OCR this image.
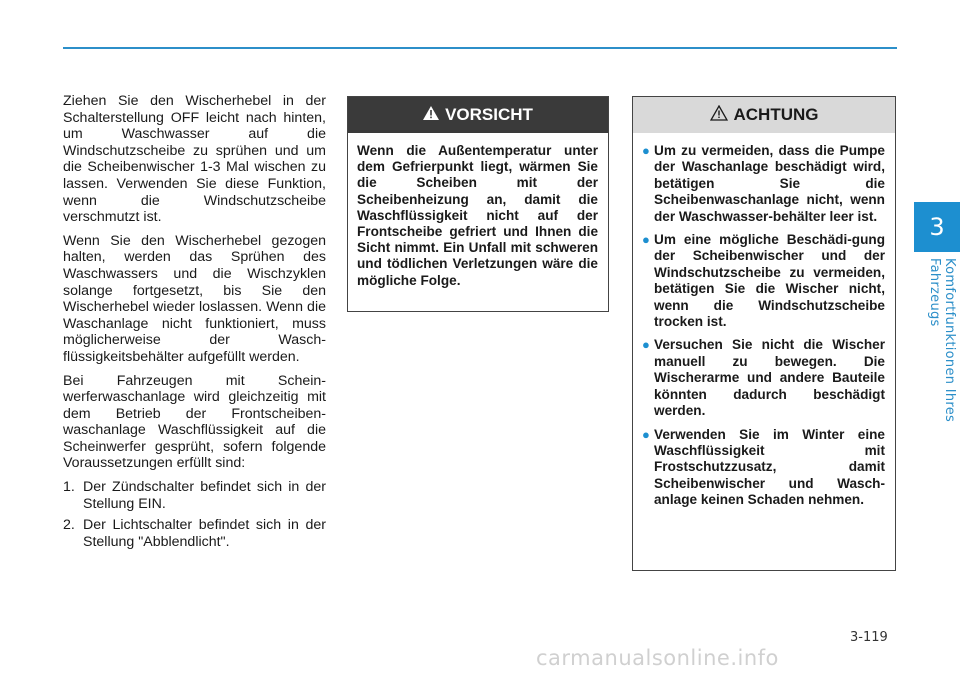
3
Komfortfunktionen Ihres Fahrzeugs

Ziehen Sie den Wischerhebel in der Schalterstellung OFF leicht nach hinten, um Waschwasser auf die Windschutzscheibe zu sprühen und um die Scheibenwischer 1-3 Mal wischen zu lassen. Verwenden Sie diese Funktion, wenn die Windschutzscheibe verschmutzt ist.

Wenn Sie den Wischerhebel gezogen halten, werden das Sprühen des Waschwassers und die Wischzyklen solange fortgesetzt, bis Sie den Wischerhebel wieder loslassen. Wenn die Waschanlage nicht funktioniert, muss möglicherweise der Wasch-flüssigkeitsbehälter aufgefüllt werden.

Bei Fahrzeugen mit Schein-werferwaschanlage wird gleichzeitig mit dem Betrieb der Frontscheiben-waschanlage Waschflüssigkeit auf die Scheinwerfer gesprüht, sofern folgende Voraussetzungen erfüllt sind:

1. Der Zündschalter befindet sich in der Stellung EIN.
2. Der Lichtschalter befindet sich in der Stellung "Abblendlicht".
VORSICHT
Wenn die Außentemperatur unter dem Gefrierpunkt liegt, wärmen Sie die Scheiben mit der Scheibenheizung an, damit die Waschflüssigkeit nicht auf der Frontscheibe gefriert und Ihnen die Sicht nimmt. Ein Unfall mit schweren und tödlichen Verletzungen wäre die mögliche Folge.
ACHTUNG
● Um zu vermeiden, dass die Pumpe der Waschanlage beschädigt wird, betätigen Sie die Scheibenwaschanlage nicht, wenn der Waschwasser-behälter leer ist.
● Um eine mögliche Beschädi-gung der Scheibenwischer und der Windschutzscheibe zu vermeiden, betätigen Sie die Wischer nicht, wenn die Windschutzscheibe trocken ist.
● Versuchen Sie nicht die Wischer manuell zu bewegen. Die Wischerarme und andere Bauteile könnten dadurch beschädigt werden.
● Verwenden Sie im Winter eine Waschflüssigkeit mit Frostschutzzusatz, damit Scheibenwischer und Wasch-anlage keinen Schaden nehmen.
3-119
carmanualsonline.info
